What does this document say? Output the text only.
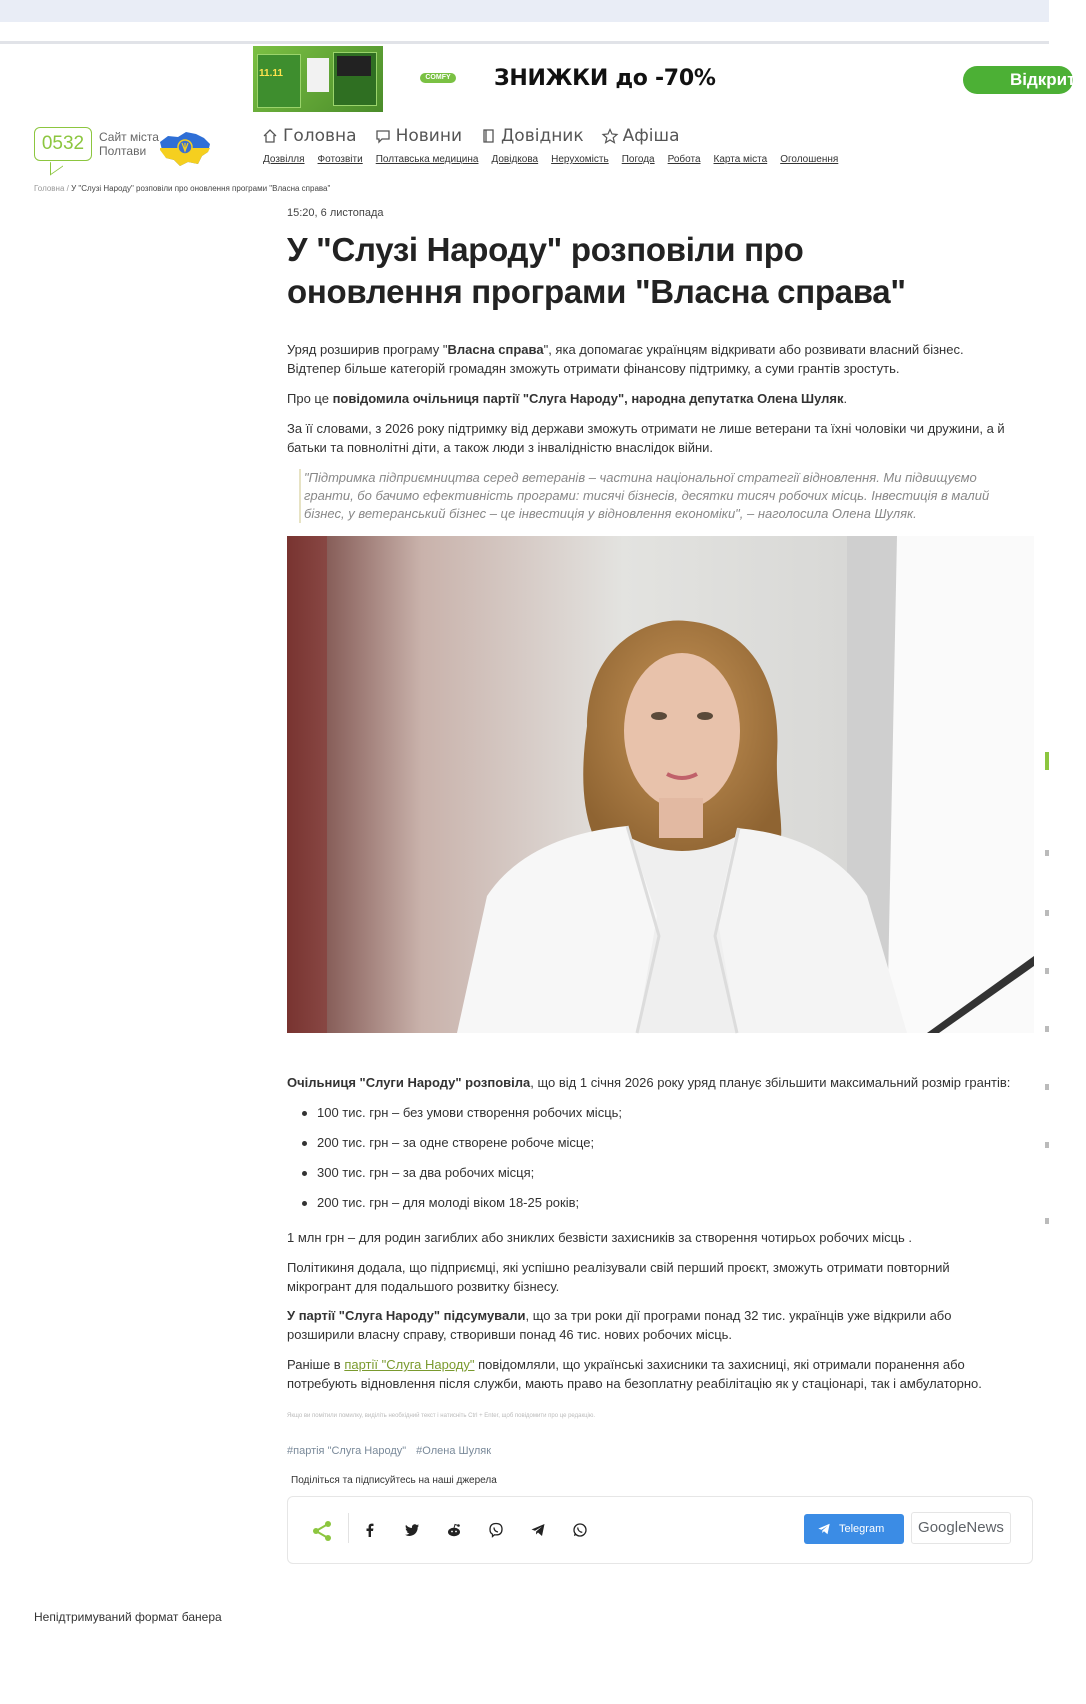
11.11	COMFY ЗНИЖКИ до -70%	Відкрити
0532	Сайт міста
Полтави
Головна Новини Довідник Афіша
Дозвілля Фотозвіти Полтавська медицина Довідкова Нерухомість Погода Робота Карта міста Оголошення
Головна / У "Слузі Народу" розповіли про оновлення програми "Власна справа"
15:20, 6 листопада
У "Слузі Народу" розповіли про оновлення програми "Власна справа"
Уряд розширив програму "Власна справа", яка допомагає українцям відкривати або розвивати власний бізнес. Відтепер більше категорій громадян зможуть отримати фінансову підтримку, а суми грантів зростуть.
Про це повідомила очільниця партії "Слуга Народу", народна депутатка Олена Шуляк.
За її словами, з 2026 року підтримку від держави зможуть отримати не лише ветерани та їхні чоловіки чи дружини, а й батьки та повнолітні діти, а також люди з інвалідністю внаслідок війни.
"Підтримка підприємництва серед ветеранів – частина національної стратегії відновлення. Ми підвищуємо гранти, бо бачимо ефективність програми: тисячі бізнесів, десятки тисяч робочих місць. Інвестиція в малий бізнес, у ветеранський бізнес – це інвестиція у відновлення економіки", – наголосила Олена Шуляк.
Очільниця "Слуги Народу" розповіла, що від 1 січня 2026 року уряд планує збільшити максимальний розмір грантів:
100 тис. грн – без умови створення робочих місць;
200 тис. грн – за одне створене робоче місце;
300 тис. грн – за два робочих місця;
200 тис. грн – для молоді віком 18-25 років;
1 млн грн – для родин загиблих або зниклих безвісти захисників за створення чотирьох робочих місць .
Політикиня додала, що підприємці, які успішно реалізували свій перший проєкт, зможуть отримати повторний мікрогрант для подальшого розвитку бізнесу.
У партії "Слуга Народу" підсумували, що за три роки дії програми понад 32 тис. українців уже відкрили або розширили власну справу, створивши понад 46 тис. нових робочих місць.
Раніше в партії "Слуга Народу" повідомляли, що українські захисники та захисниці, які отримали поранення або потребують відновлення після служби, мають право на безоплатну реабілітацію як у стаціонарі, так і амбулаторно.
Якщо ви помітили помилку, виділіть необхідний текст і натисніть Ctrl + Enter, щоб повідомити про це редакцію.
#партія "Слуга Народу" #Олена Шуляк
Поділіться та підписуйтесь на наші джерела
Telegram	GoogleNews
Непідтримуваний формат банера
